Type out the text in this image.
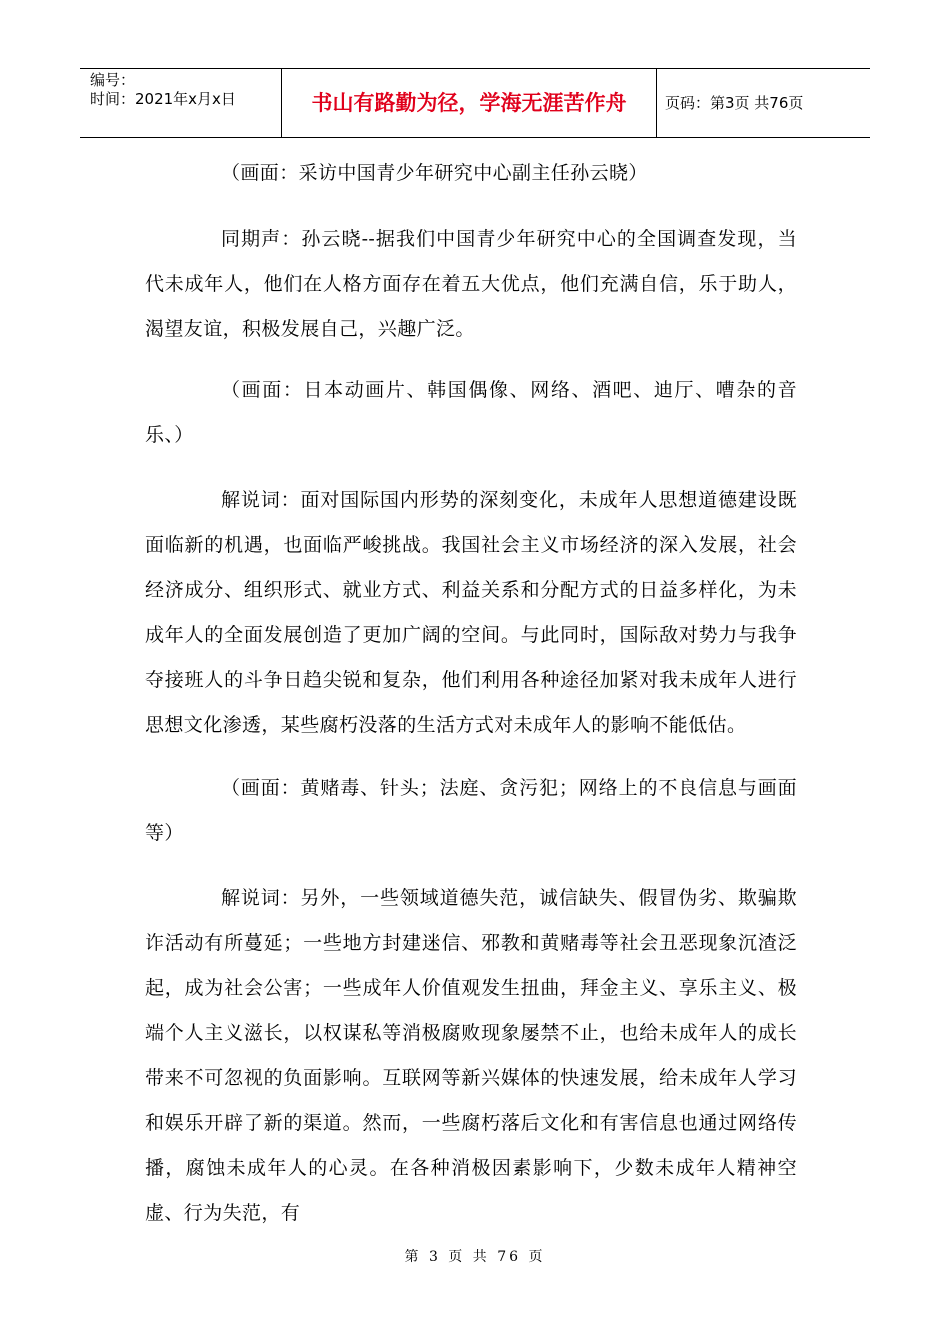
编号：
时间：2021年x月x日	书山有路勤为径，学海无涯苦作舟	页码：第3页 共76页

（画面：采访中国青少年研究中心副主任孙云晓）

同期声：孙云晓--据我们中国青少年研究中心的全国调查发现，当代未成年人，他们在人格方面存在着五大优点，他们充满自信，乐于助人，渴望友谊，积极发展自己，兴趣广泛。

（画面：日本动画片、韩国偶像、网络、酒吧、迪厅、嘈杂的音乐、）

解说词：面对国际国内形势的深刻变化，未成年人思想道德建设既面临新的机遇，也面临严峻挑战。我国社会主义市场经济的深入发展，社会经济成分、组织形式、就业方式、利益关系和分配方式的日益多样化，为未成年人的全面发展创造了更加广阔的空间。与此同时，国际敌对势力与我争夺接班人的斗争日趋尖锐和复杂，他们利用各种途径加紧对我未成年人进行思想文化渗透，某些腐朽没落的生活方式对未成年人的影响不能低估。

（画面：黄赌毒、针头；法庭、贪污犯；网络上的不良信息与画面等）

解说词：另外，一些领域道德失范，诚信缺失、假冒伪劣、欺骗欺诈活动有所蔓延；一些地方封建迷信、邪教和黄赌毒等社会丑恶现象沉渣泛起，成为社会公害；一些成年人价值观发生扭曲，拜金主义、享乐主义、极端个人主义滋长，以权谋私等消极腐败现象屡禁不止，也给未成年人的成长带来不可忽视的负面影响。互联网等新兴媒体的快速发展，给未成年人学习和娱乐开辟了新的渠道。然而，一些腐朽落后文化和有害信息也通过网络传播，腐蚀未成年人的心灵。在各种消极因素影响下，少数未成年人精神空虚、行为失范，有

第 3 页 共 76 页
